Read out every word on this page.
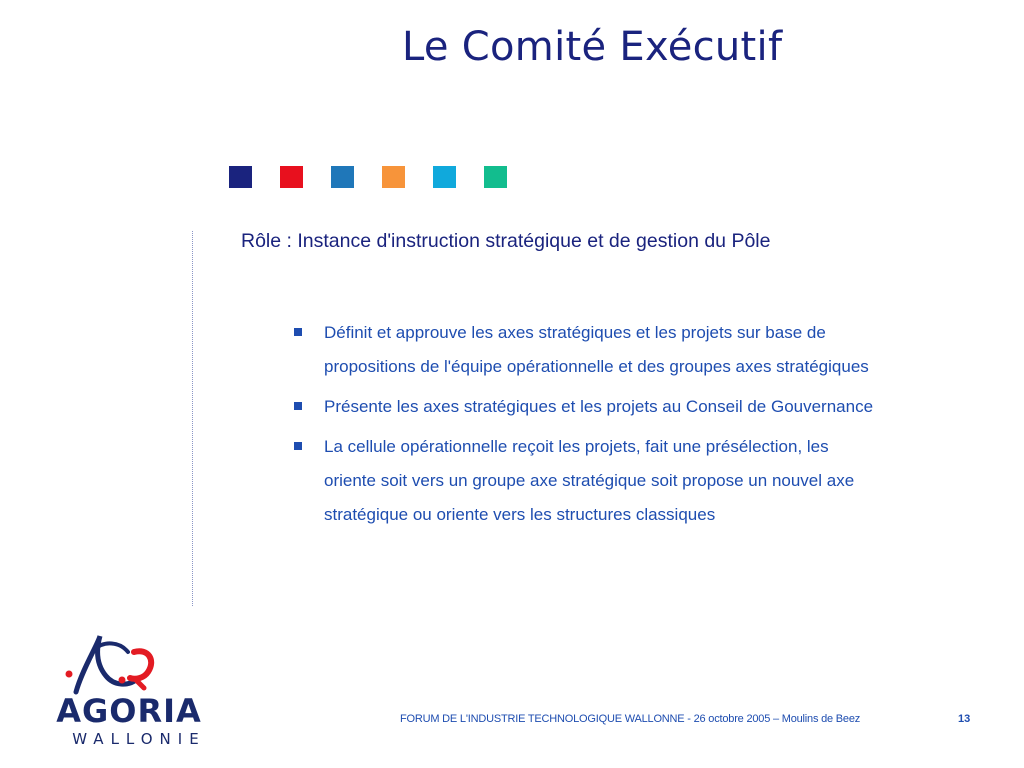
Le Comité Exécutif
Rôle : Instance d'instruction stratégique et de gestion du Pôle
Définit et approuve les axes stratégiques et les projets sur base de
propositions de l'équipe opérationnelle et des groupes axes stratégiques
Présente les axes stratégiques et les projets au Conseil de Gouvernance
La cellule opérationnelle reçoit les projets, fait une présélection, les
oriente soit vers un groupe axe stratégique soit propose un nouvel axe
stratégique ou oriente vers les structures classiques
FORUM DE L'INDUSTRIE TECHNOLOGIQUE WALLONNE - 26 octobre 2005 – Moulins de Beez	13
AGORIA
WALLONIE
